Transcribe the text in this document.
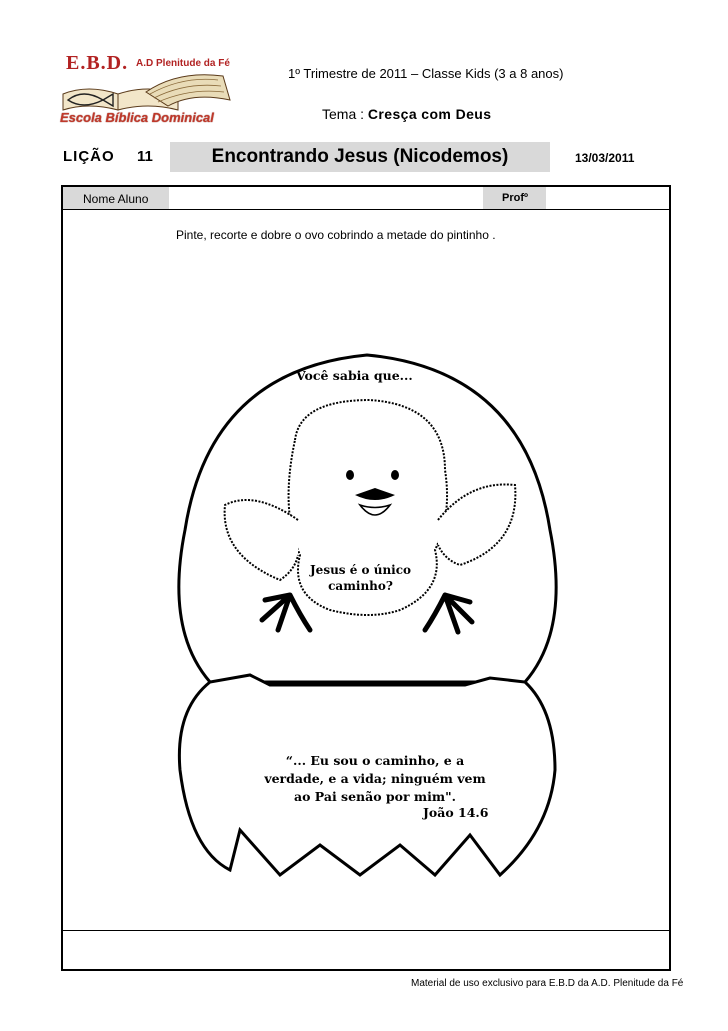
E.B.D. A.D Plenitude da Fé
Escola Bíblica Dominical
1º Trimestre de 2011 – Classe Kids (3 a 8 anos)
Tema : Cresça com Deus
LIÇÃO 11	Encontrando Jesus (Nicodemos)	13/03/2011
Nome Aluno	Profº
Pinte, recorte e dobre o ovo cobrindo a metade do pintinho .
Você sabia que...
Jesus é o único
caminho?
“... Eu sou o caminho, e a
verdade, e a vida; ninguém vem
ao Pai senão por mim".
João 14.6
Material de uso exclusivo para E.B.D da A.D. Plenitude da Fé
